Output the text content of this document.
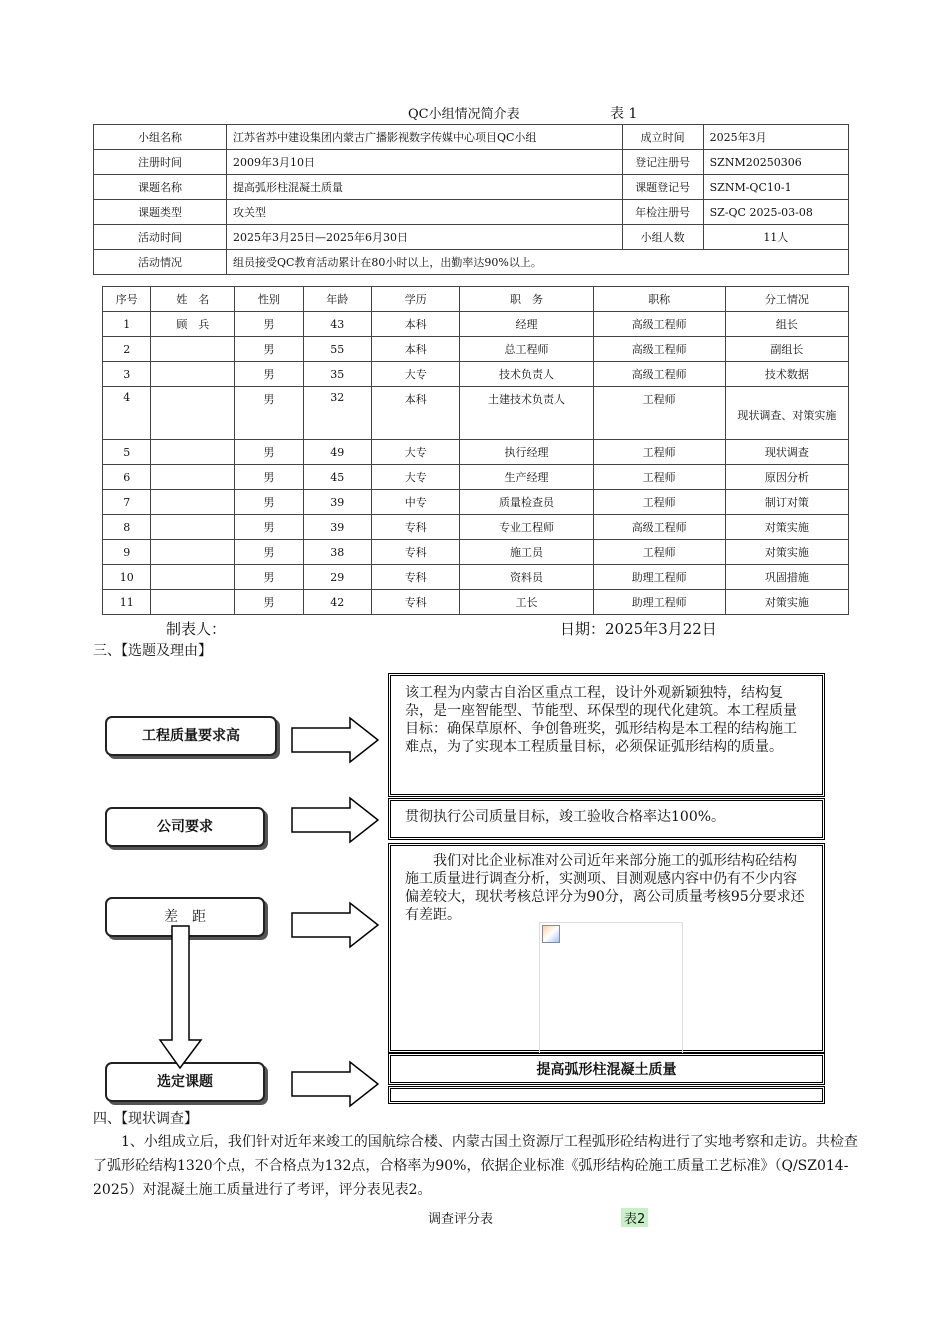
QC小组情况简介表	表 1
小组名称	江苏省苏中建设集团内蒙古广播影视数字传媒中心项目QC小组	成立时间	2025年3月
注册时间	2009年3月10日	登记注册号	SZNM20250306
课题名称	提高弧形柱混凝土质量	课题登记号	SZNM-QC10-1
课题类型	攻关型	年检注册号	SZ-QC 2025-03-08
活动时间	2025年3月25日—2025年6月30日	小组人数	11人
活动情况	组员接受QC教育活动累计在80小时以上，出勤率达90%以上。		
序号	姓　名	性别	年龄	学历	职　务	职称	分工情况
1	顾　兵	男	43	本科	经理	高级工程师	组长
2		男	55	本科	总工程师	高级工程师	副组长
3		男	35	大专	技术负责人	高级工程师	技术数据
4		男	32	本科	土建技术负责人	工程师	现状调查、对策实施
5		男	49	大专	执行经理	工程师	现状调查
6		男	45	大专	生产经理	工程师	原因分析
7		男	39	中专	质量检查员	工程师	制订对策
8		男	39	专科	专业工程师	高级工程师	对策实施
9		男	38	专科	施工员	工程师	对策实施
10		男	29	专科	资料员	助理工程师	巩固措施
11		男	42	专科	工长	助理工程师	对策实施
制表人：	日期：2025年3月22日
三、【选题及理由】
工程质量要求高
公司要求
差　距
选定课题
该工程为内蒙古自治区重点工程，设计外观新颖独特，结构复杂，是一座智能型、节能型、环保型的现代化建筑。本工程质量目标：确保草原杯、争创鲁班奖，弧形结构是本工程的结构施工难点，为了实现本工程质量目标，必须保证弧形结构的质量。
贯彻执行公司质量目标，竣工验收合格率达100%。
我们对比企业标准对公司近年来部分施工的弧形结构砼结构施工质量进行调查分析，实测项、目测观感内容中仍有不少内容偏差较大，现状考核总评分为90分，离公司质量考核95分要求还有差距。
提高弧形柱混凝土质量
四、【现状调查】
1、小组成立后，我们针对近年来竣工的国航综合楼、内蒙古国土资源厅工程弧形砼结构进行了实地考察和走访。共检查了弧形砼结构1320个点，不合格点为132点，合格率为90%，依据企业标准《弧形结构砼施工质量工艺标准》（Q/SZ014-2025）对混凝土施工质量进行了考评，评分表见表2。
调查评分表	表2
